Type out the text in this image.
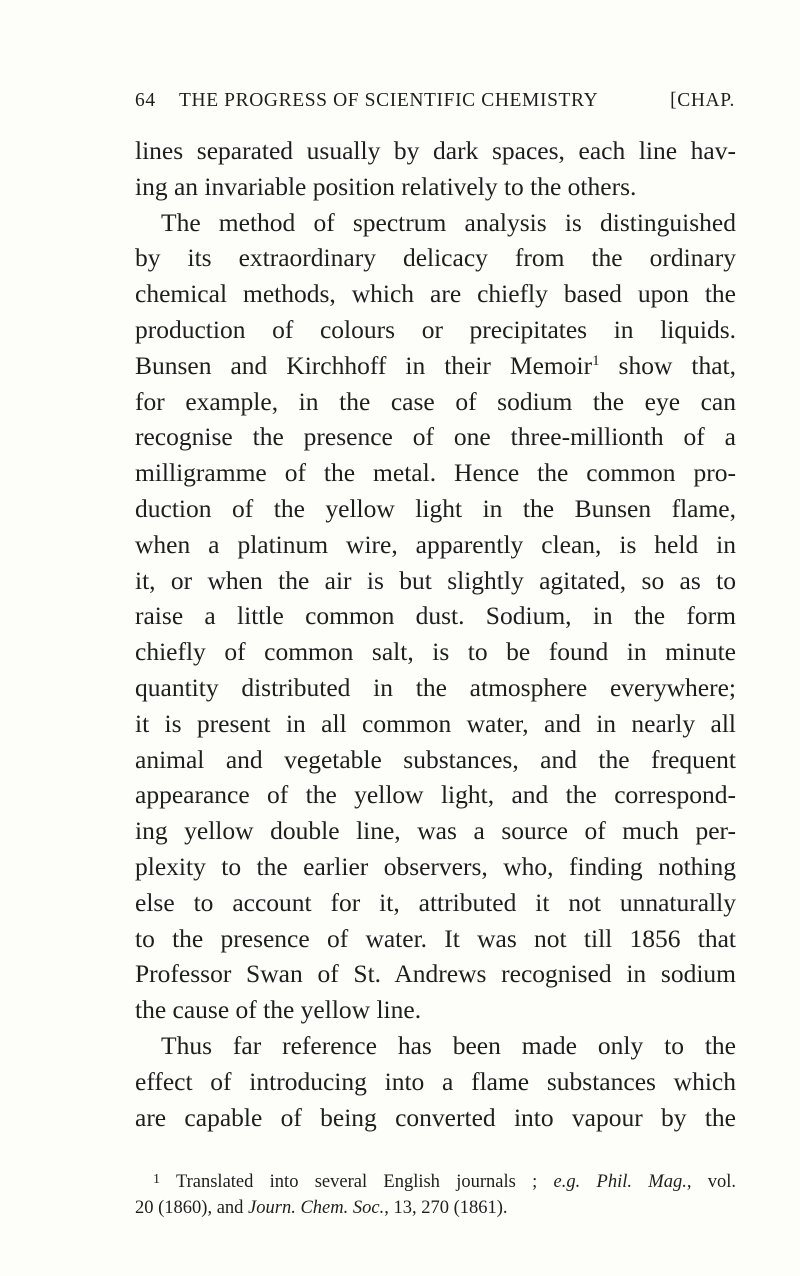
64 THE PROGRESS OF SCIENTIFIC CHEMISTRY	[CHAP.
lines separated usually by dark spaces, each line hav-
ing an invariable position relatively to the others.
The method of spectrum analysis is distinguished
by its extraordinary delicacy from the ordinary
chemical methods, which are chiefly based upon the
production of colours or precipitates in liquids.
Bunsen and Kirchhoff in their Memoir$^1$ show that,
for example, in the case of sodium the eye can
recognise the presence of one three-millionth of a
milligramme of the metal. Hence the common pro-
duction of the yellow light in the Bunsen flame,
when a platinum wire, apparently clean, is held in
it, or when the air is but slightly agitated, so as to
raise a little common dust. Sodium, in the form
chiefly of common salt, is to be found in minute
quantity distributed in the atmosphere everywhere;
it is present in all common water, and in nearly all
animal and vegetable substances, and the frequent
appearance of the yellow light, and the correspond-
ing yellow double line, was a source of much per-
plexity to the earlier observers, who, finding nothing
else to account for it, attributed it not unnaturally
to the presence of water. It was not till 1856 that
Professor Swan of St. Andrews recognised in sodium
the cause of the yellow line.
Thus far reference has been made only to the
effect of introducing into a flame substances which
are capable of being converted into vapour by the
$^1$ Translated into several English journals ; e.g. Phil. Mag., vol.
20 (1860), and Journ. Chem. Soc., 13, 270 (1861).
